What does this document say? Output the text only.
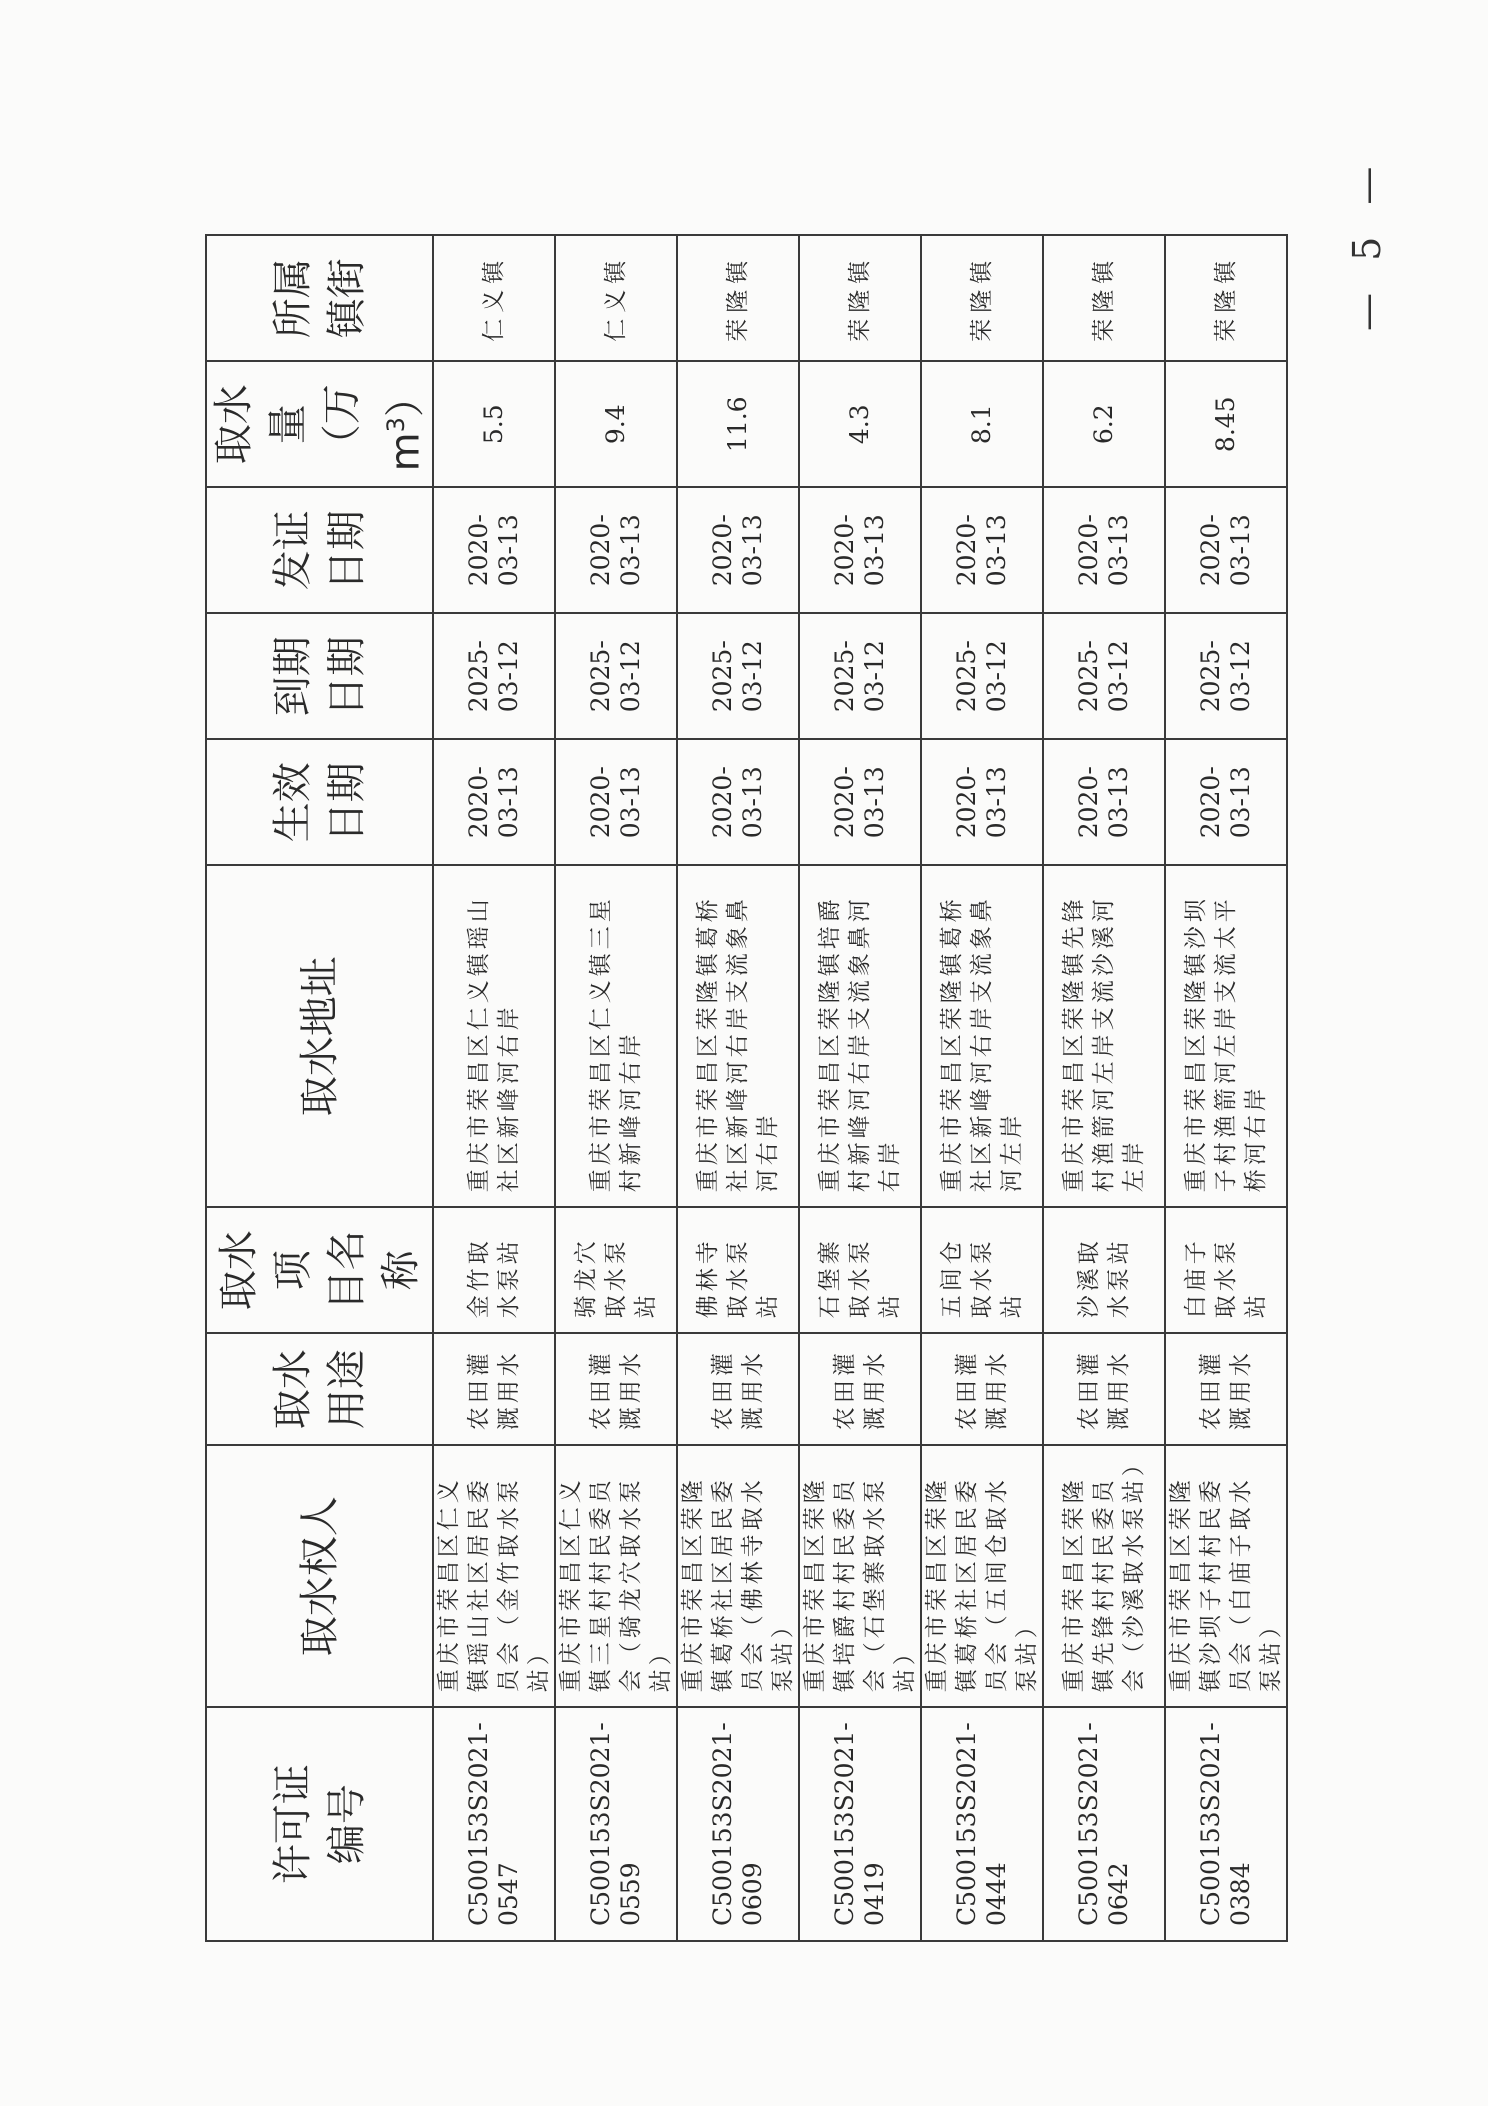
许可证 编号	取水权人	取水 用途	取水项 目名称	取水地址	生效 日期	到期 日期	发证 日期	取水量 （万 $m^3$）	所属 镇街
C500153S2021-0547	重庆市荣昌区仁义镇瑶山社区居民委员会（金竹取水泵站）	农田灌溉用水	金竹取水泵站	重庆市荣昌区仁义镇瑶山社区新峰河右岸	2020-03-13	2025-03-12	2020-03-13	5.5	仁义镇
C500153S2021-0559	重庆市荣昌区仁义镇三星村村民委员会（骑龙穴取水泵站）	农田灌溉用水	骑龙穴取水泵站	重庆市荣昌区仁义镇三星村新峰河右岸	2020-03-13	2025-03-12	2020-03-13	9.4	仁义镇
C500153S2021-0609	重庆市荣昌区荣隆镇葛桥社区居民委员会（佛林寺取水泵站）	农田灌溉用水	佛林寺取水泵站	重庆市荣昌区荣隆镇葛桥社区新峰河右岸支流象鼻河右岸	2020-03-13	2025-03-12	2020-03-13	11.6	荣隆镇
C500153S2021-0419	重庆市荣昌区荣隆镇培爵村村民委员会（石堡寨取水泵站）	农田灌溉用水	石堡寨取水泵站	重庆市荣昌区荣隆镇培爵村新峰河右岸支流象鼻河右岸	2020-03-13	2025-03-12	2020-03-13	4.3	荣隆镇
C500153S2021-0444	重庆市荣昌区荣隆镇葛桥社区居民委员会（五间仓取水泵站）	农田灌溉用水	五间仓取水泵站	重庆市荣昌区荣隆镇葛桥社区新峰河右岸支流象鼻河左岸	2020-03-13	2025-03-12	2020-03-13	8.1	荣隆镇
C500153S2021-0642	重庆市荣昌区荣隆镇先锋村村民委员会（沙溪取水泵站）	农田灌溉用水	沙溪取水泵站	重庆市荣昌区荣隆镇先锋村渔箭河左岸支流沙溪河左岸	2020-03-13	2025-03-12	2020-03-13	6.2	荣隆镇
C500153S2021-0384	重庆市荣昌区荣隆镇沙坝子村村民委员会（白庙子取水泵站）	农田灌溉用水	白庙子取水泵站	重庆市荣昌区荣隆镇沙坝子村渔箭河左岸支流太平桥河右岸	2020-03-13	2025-03-12	2020-03-13	8.45	荣隆镇	— 5 —
